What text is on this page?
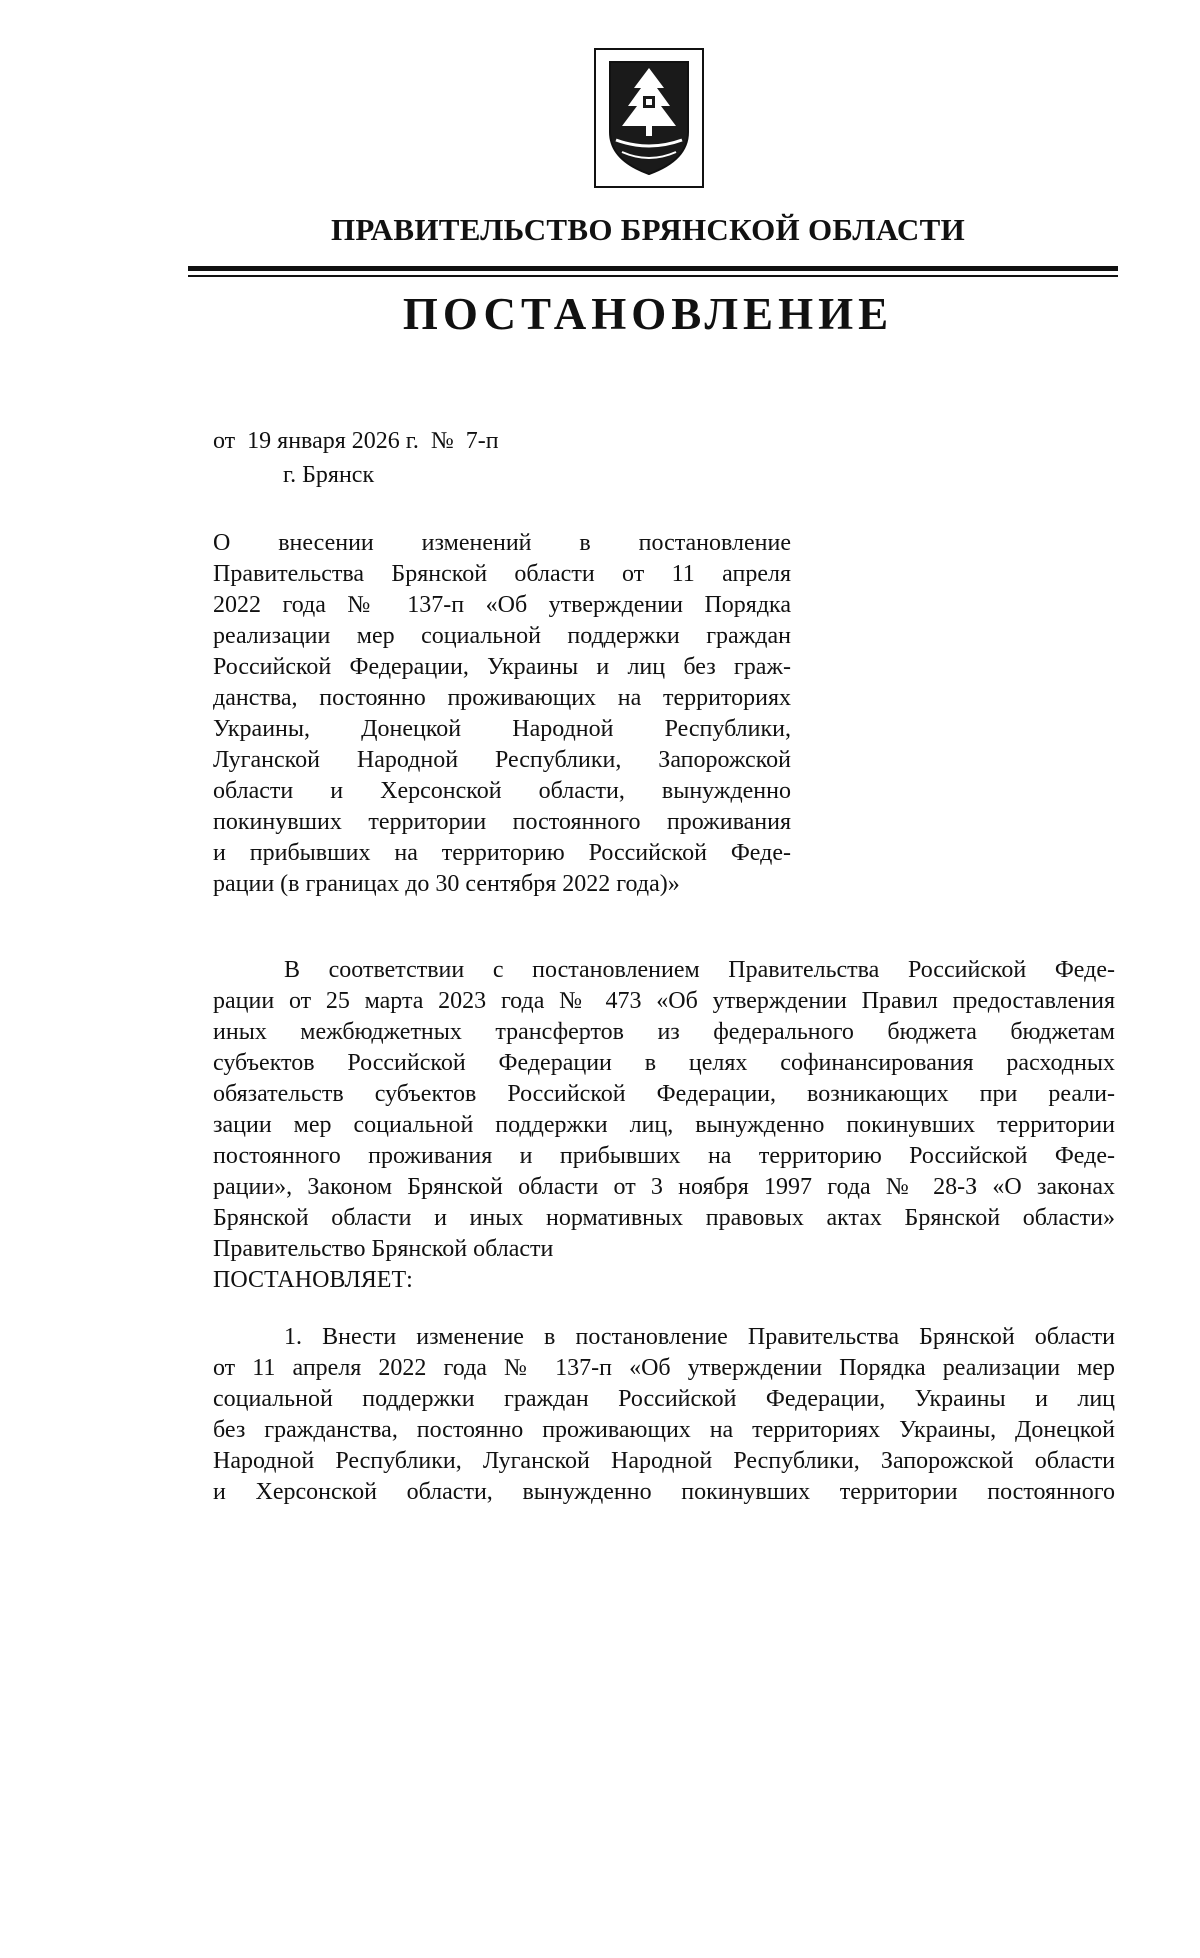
ПРАВИТЕЛЬСТВО БРЯНСКОЙ ОБЛАСТИ
ПОСТАНОВЛЕНИЕ
от  19 января 2026 г.  №  7-п
г. Брянск
О внесении изменений в постановление
Правительства Брянской области от 11 апреля
2022 года № 137-п «Об утверждении Порядка
реализации мер социальной поддержки граждан
Российской Федерации, Украины и лиц без граж-
данства, постоянно проживающих на территориях
Украины, Донецкой Народной Республики,
Луганской Народной Республики, Запорожской
области и Херсонской области, вынужденно
покинувших территории постоянного проживания
и прибывших на территорию Российской Феде-
рации (в границах до 30 сентября 2022 года)»
В соответствии с постановлением Правительства Российской Феде-
рации от 25 марта 2023 года № 473 «Об утверждении Правил предоставления
иных межбюджетных трансфертов из федерального бюджета бюджетам
субъектов Российской Федерации в целях софинансирования расходных
обязательств субъектов Российской Федерации, возникающих при реали-
зации мер социальной поддержки лиц, вынужденно покинувших территории
постоянного проживания и прибывших на территорию Российской Феде-
рации», Законом Брянской области от 3 ноября 1997 года № 28-З «О законах
Брянской области и иных нормативных правовых актах Брянской области»
Правительство Брянской области
ПОСТАНОВЛЯЕТ:
1. Внести изменение в постановление Правительства Брянской области
от 11 апреля 2022 года № 137-п «Об утверждении Порядка реализации мер
социальной поддержки граждан Российской Федерации, Украины и лиц
без гражданства, постоянно проживающих на территориях Украины, Донецкой
Народной Республики, Луганской Народной Республики, Запорожской области
и Херсонской области, вынужденно покинувших территории постоянного
